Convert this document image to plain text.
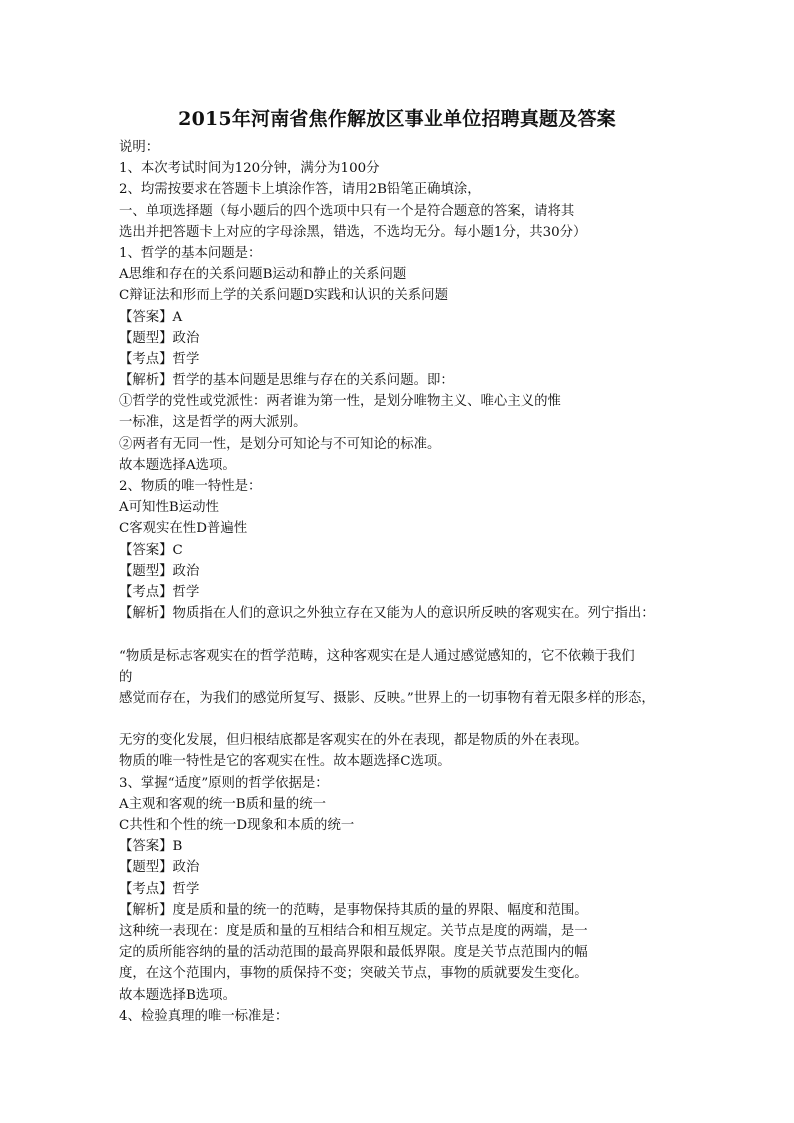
2015年河南省焦作解放区事业单位招聘真题及答案
说明：
1、本次考试时间为120分钟，满分为100分
2、均需按要求在答题卡上填涂作答，请用2B铅笔正确填涂，
一、单项选择题（每小题后的四个选项中只有一个是符合题意的答案，请将其
选出并把答题卡上对应的字母涂黑，错选，不选均无分。每小题1分，共30分）
1、哲学的基本问题是：
A思维和存在的关系问题B运动和静止的关系问题
C辩证法和形而上学的关系问题D实践和认识的关系问题
【答案】A
【题型】政治
【考点】哲学
【解析】哲学的基本问题是思维与存在的关系问题。即：
①哲学的党性或党派性：两者谁为第一性，是划分唯物主义、唯心主义的惟
一标准，这是哲学的两大派别。
②两者有无同一性，是划分可知论与不可知论的标准。
故本题选择A选项。
2、物质的唯一特性是：
A可知性B运动性
C客观实在性D普遍性
【答案】C
【题型】政治
【考点】哲学
【解析】物质指在人们的意识之外独立存在又能为人的意识所反映的客观实在。列宁指出：
“物质是标志客观实在的哲学范畴，这种客观实在是人通过感觉感知的，它不依赖于我们
的
感觉而存在，为我们的感觉所复写、摄影、反映。”世界上的一切事物有着无限多样的形态，
无穷的变化发展，但归根结底都是客观实在的外在表现，都是物质的外在表现。
物质的唯一特性是它的客观实在性。故本题选择C选项。
3、掌握“适度”原则的哲学依据是：
A主观和客观的统一B质和量的统一
C共性和个性的统一D现象和本质的统一
【答案】B
【题型】政治
【考点】哲学
【解析】度是质和量的统一的范畴，是事物保持其质的量的界限、幅度和范围。
这种统一表现在：度是质和量的互相结合和相互规定。关节点是度的两端，是一
定的质所能容纳的量的活动范围的最高界限和最低界限。度是关节点范围内的幅
度，在这个范围内，事物的质保持不变；突破关节点，事物的质就要发生变化。
故本题选择B选项。
4、检验真理的唯一标准是：
